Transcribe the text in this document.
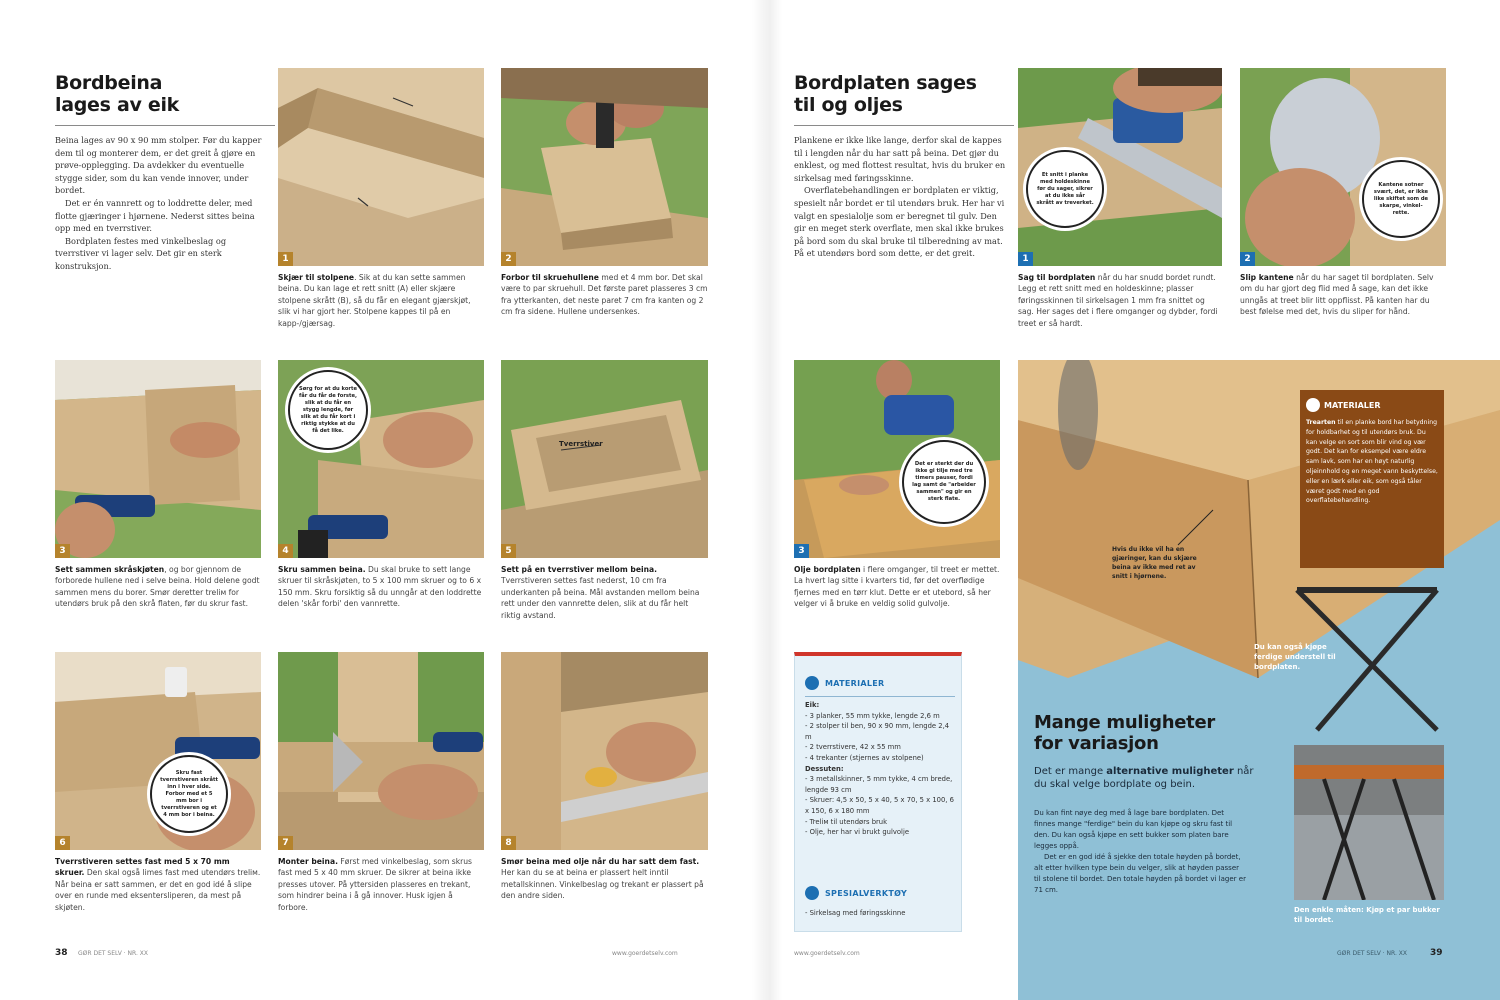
Bordbeina
lages av eik

Beina lages av 90 x 90 mm stolper. Før du kapper dem til og monterer dem, er det greit å gjøre en prøve-opplegging. Da avdekker du eventuelle stygge sider, som du kan vende innover, under bordet.

Det er én vannrett og to loddrette deler, med flotte gjæringer i hjørnene. Nederst sittes beina opp med en tverrstiver.

Bordplaten festes med vinkelbeslag og tverrstiver vi lager selv. Det gir en sterk konstruksjon.

1
Skjær til stolpene. Sik at du kan sette sammen beina. Du kan lage et rett snitt (A) eller skjære stolpene skrått (B), så du får en elegant gjærskjøt, slik vi har gjort her. Stolpene kappes til på en kapp-/gjærsag.
2
Forbor til skruehullene med et 4 mm bor. Det skal være to par skruehull. Det første paret plasseres 3 cm fra ytterkanten, det neste paret 7 cm fra kanten og 2 cm fra sidene. Hullene undersenkes.
3
Sett sammen skråskjøten, og bor gjennom de forborede hullene ned i selve beina. Hold delene godt sammen mens du borer. Smør deretter treliм for utendørs bruk på den skrå flaten, før du skrur fast.
4
Sørg for at du korte får du får de forste, slik at du får en stygg lengde, før slik at du får kort i riktig stykke at du få det like.
Skru sammen beina. Du skal bruke to sett lange skruer til skråskjøten, to 5 x 100 mm skruer og to 6 x 150 mm. Skru forsiktig så du unngår at den loddrette delen 'skår forbi' den vannrette.
Tverrstiver
5
Sett på en tverrstiver mellom beina. Tverrstiveren settes fast nederst, 10 cm fra underkanten på beina. Mål avstanden mellom beina rett under den vannrette delen, slik at du får helt riktig avstand.
6
Skru fast tverrstiveren skrått inn i hver side. Forbor med et 5 mm bor i tverrstiveren og et 4 mm bor i beina.
Tverrstiveren settes fast med 5 x 70 mm skruer. Den skal også limes fast med utendørs treliм. Når beina er satt sammen, er det en god idé å slipe over en runde med eksentersliperen, da mest på skjøten.
7
Monter beina. Først med vinkelbeslag, som skrus fast med 5 x 40 mm skruer. De sikrer at beina ikke presses utover. På yttersiden plasseres en trekant, som hindrer beina i å gå innover. Husk igjen å forbore.
8
Smør beina med olje når du har satt dem fast. Her kan du se at beina er plassert helt inntil metallskinnen. Vinkelbeslag og trekant er plassert på den andre siden.
38 GØR DET SELV · NR. XX	www.goerdetselv.com
Bordplaten sages
til og oljes

Plankene er ikke like lange, derfor skal de kappes til i lengden når du har satt på beina. Det gjør du enklest, og med flottest resultat, hvis du bruker en sirkelsag med føringsskinne.

Overflatebehandlingen er bordplaten er viktig, spesielt når bordet er til utendørs bruk. Her har vi valgt en spesialolje som er beregnet til gulv. Den gir en meget sterk overflate, men skal ikke brukes på bord som du skal bruke til tilberedning av mat. På et utendørs bord som dette, er det greit.

1
Et snitt i planke med holdeskinne før du sager, sikrer at du ikke sår skrått av treverket.
Sag til bordplaten når du har snudd bordet rundt. Legg et rett snitt med en holdeskinne; plasser føringsskinnen til sirkelsagen 1 mm fra snittet og sag. Her sages det i flere omganger og dybder, fordi treet er så hardt.
2
Kantene sotner svært, det, er ikke like skiftet som de skarpe, vinkel-rette.
Slip kantene når du har saget til bordplaten. Selv om du har gjort deg flid med å sage, kan det ikke unngås at treet blir litt oppflisst. På kanten har du best følelse med det, hvis du sliper for hånd.
3
Det er sterkt der du ikke gi tilje med tre timers pauser, fordi lag samt de "arbeider sammen" og gir en sterk flate.
Olje bordplaten i flere omganger, til treet er mettet. La hvert lag sitte i kvarters tid, før det overflødige fjernes med en tørr klut. Dette er et utebord, så her velger vi å bruke en veldig solid gulvolje.
MATERIALER
Eik:
- 3 planker, 55 mm tykke, lengde 2,6 m
- 2 stolper til ben, 90 x 90 mm, lengde 2,4 m
- 2 tverrstivere, 42 x 55 mm
- 4 trekanter (stjernes av stolpene)
Dessuten:
- 3 metallskinner, 5 mm tykke, 4 cm brede, lengde 93 cm
- Skruer: 4,5 x 50, 5 x 40, 5 x 70, 5 x 100, 6 x 150, 6 x 180 mm
- Treliм til utendørs bruk
- Olje, her har vi brukt gulvolje
SPESIALVERKTØY
- Sirkelsag med føringsskinne
Hvis du ikke vil ha en gjæringer, kan du skjære beina av ikke med ret av snitt i hjørnene.
MATERIALER
Trearten til en planke bord har betydning for holdbarhet og til utendørs bruk. Du kan velge en sort som blir vind og vær godt. Det kan for eksempel være eldre sam lavk, som har en høyt naturlig oljeinnhold og en meget vann beskyttelse, eller en lærk eller eik, som også tåler været godt med en god overflatebehandling.
Du kan også kjøpe ferdige understell til bordplaten.
Mange muligheter
for variasjon
Det er mange alternative muligheter når du skal velge bordplate og bein.

Du kan fint nøye deg med å lage bare bordplaten. Det finnes mange "ferdige" bein du kan kjøpe og skru fast til den. Du kan også kjøpe en sett bukker som platen bare legges oppå.

Det er en god idé å sjekke den totale høyden på bordet, alt etter hvilken type bein du velger, slik at høyden passer til stolene til bordet. Den totale høyden på bordet vi lager er 71 cm.

Den enkle måten: Kjøp et par bukker til bordet.
www.goerdetselv.com	GØR DET SELV · NR. XX	39
